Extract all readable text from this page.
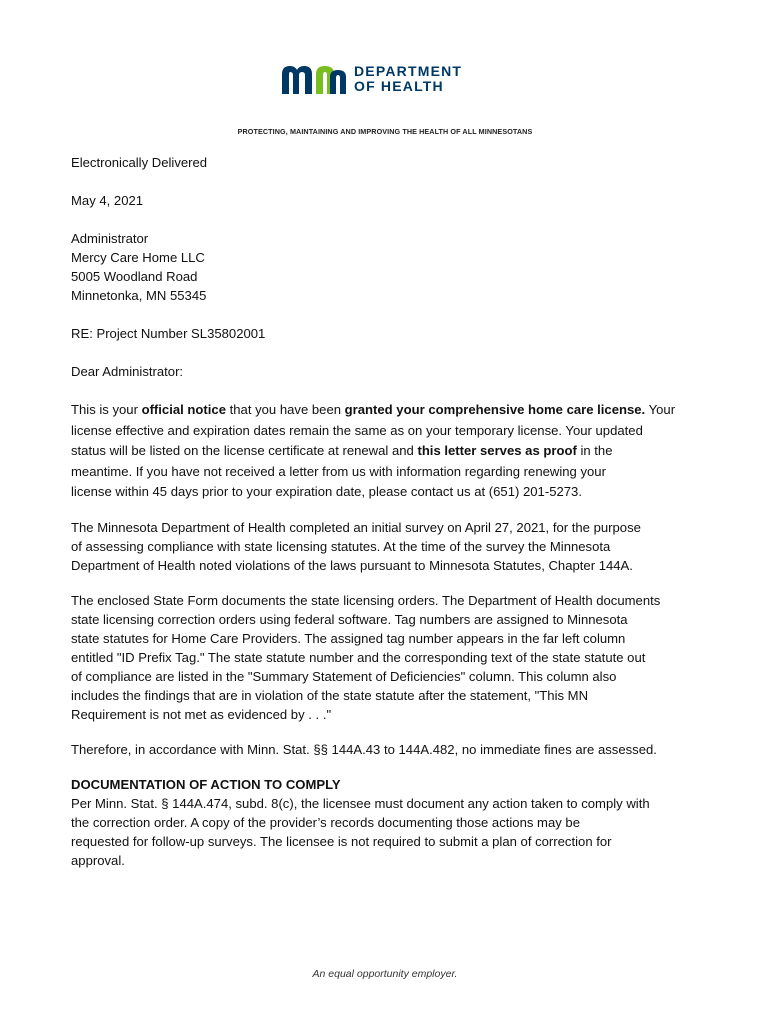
DEPARTMENT
OF HEALTH
PROTECTING, MAINTAINING AND IMPROVING THE HEALTH OF ALL MINNESOTANS

Electronically Delivered

May 4, 2021

Administrator
Mercy Care Home LLC
5005 Woodland Road
Minnetonka, MN 55345

RE: Project Number SL35802001

Dear Administrator:

This is your official notice that you have been granted your comprehensive home care license. Your
license effective and expiration dates remain the same as on your temporary license. Your updated
status will be listed on the license certificate at renewal and this letter serves as proof in the
meantime. If you have not received a letter from us with information regarding renewing your
license within 45 days prior to your expiration date, please contact us at (651) 201-5273.
The Minnesota Department of Health completed an initial survey on April 27, 2021, for the purpose
of assessing compliance with state licensing statutes. At the time of the survey the Minnesota
Department of Health noted violations of the laws pursuant to Minnesota Statutes, Chapter 144A.
The enclosed State Form documents the state licensing orders. The Department of Health documents
state licensing correction orders using federal software. Tag numbers are assigned to Minnesota
state statutes for Home Care Providers. The assigned tag number appears in the far left column
entitled "ID Prefix Tag." The state statute number and the corresponding text of the state statute out
of compliance are listed in the "Summary Statement of Deficiencies" column. This column also
includes the findings that are in violation of the state statute after the statement, "This MN
Requirement is not met as evidenced by . . ."

Therefore, in accordance with Minn. Stat. §§ 144A.43 to 144A.482, no immediate fines are assessed.

DOCUMENTATION OF ACTION TO COMPLY

Per Minn. Stat. § 144A.474, subd. 8(c), the licensee must document any action taken to comply with
the correction order. A copy of the provider’s records documenting those actions may be
requested for follow-up surveys. The licensee is not required to submit a plan of correction for
approval.
An equal opportunity employer.
